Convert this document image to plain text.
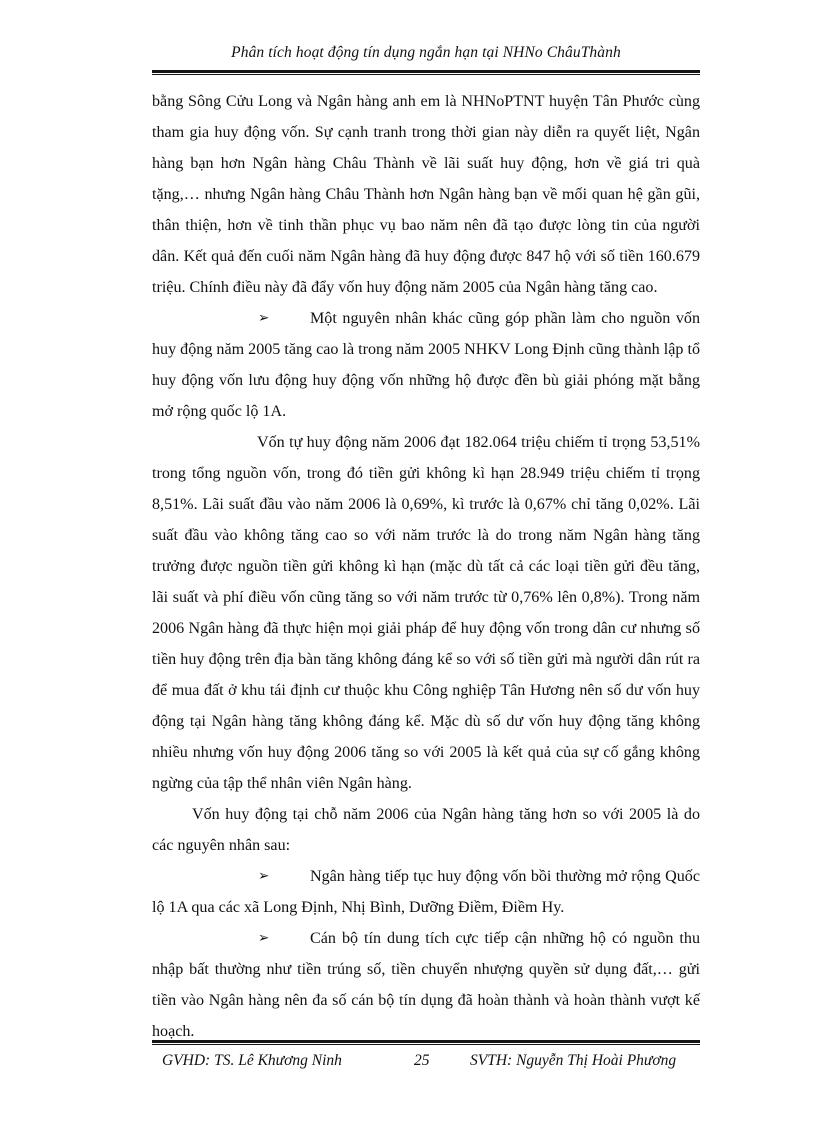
Phân tích hoạt động tín dụng ngắn hạn tại NHNo ChâuThành

bằng Sông Cửu Long và Ngân hàng anh em là NHNoPTNT huyện Tân Phước cùng tham gia huy động vốn. Sự cạnh tranh trong thời gian này diễn ra quyết liệt, Ngân hàng bạn hơn Ngân hàng Châu Thành về lãi suất huy động, hơn về giá tri quà tặng,… nhưng Ngân hàng Châu Thành hơn Ngân hàng bạn về mối quan hệ gần gũi, thân thiện, hơn về tinh thần phục vụ bao năm nên đã tạo được lòng tin của người dân. Kết quả đến cuối năm Ngân hàng đã huy động được 847 hộ với số tiền 160.679 triệu. Chính điều này đã đẩy vốn huy động năm 2005 của Ngân hàng tăng cao.

➢	Một nguyên nhân khác cũng góp phần làm cho nguồn vốn huy động năm 2005 tăng cao là trong năm 2005 NHKV Long Định cũng thành lập tổ huy động vốn lưu động huy động vốn những hộ được đền bù giải phóng mặt bằng mở rộng quốc lộ 1A.

Vốn tự huy động năm 2006 đạt 182.064 triệu chiếm tỉ trọng 53,51% trong tổng nguồn vốn, trong đó tiền gửi không kì hạn 28.949 triệu chiếm tỉ trọng 8,51%. Lãi suất đầu vào năm 2006 là 0,69%, kì trước là 0,67% chỉ tăng 0,02%. Lãi suất đầu vào không tăng cao so với năm trước là do trong năm Ngân hàng tăng trưởng được nguồn tiền gửi không kì hạn (mặc dù tất cả các loại tiền gửi đều tăng, lãi suất và phí điều vốn cũng tăng so với năm trước từ 0,76% lên 0,8%). Trong năm 2006 Ngân hàng đã thực hiện mọi giải pháp để huy động vốn trong dân cư nhưng số tiền huy động trên địa bàn tăng không đáng kể so với số tiền gửi mà người dân rút ra để mua đất ở khu tái định cư thuộc khu Công nghiệp Tân Hương nên số dư vốn huy động tại Ngân hàng tăng không đáng kể. Mặc dù số dư vốn huy động tăng không nhiều nhưng vốn huy động 2006 tăng so với 2005 là kết quả của sự cố gắng không ngừng của tập thể nhân viên Ngân hàng.

Vốn huy động tại chỗ năm 2006 của Ngân hàng tăng hơn so với 2005 là do các nguyên nhân sau:

➢	Ngân hàng tiếp tục huy động vốn bồi thường mở rộng Quốc lộ 1A qua các xã Long Định, Nhị Bình, Dưỡng Điềm, Điềm Hy.

➢	Cán bộ tín dung tích cực tiếp cận những hộ có nguồn thu nhập bất thường như tiền trúng số, tiền chuyển nhượng quyền sử dụng đất,… gửi tiền vào Ngân hàng nên đa số cán bộ tín dụng đã hoàn thành và hoàn thành vượt kế hoạch.

GVHD: TS. Lê Khương Ninh	25	SVTH: Nguyễn Thị Hoài Phương
